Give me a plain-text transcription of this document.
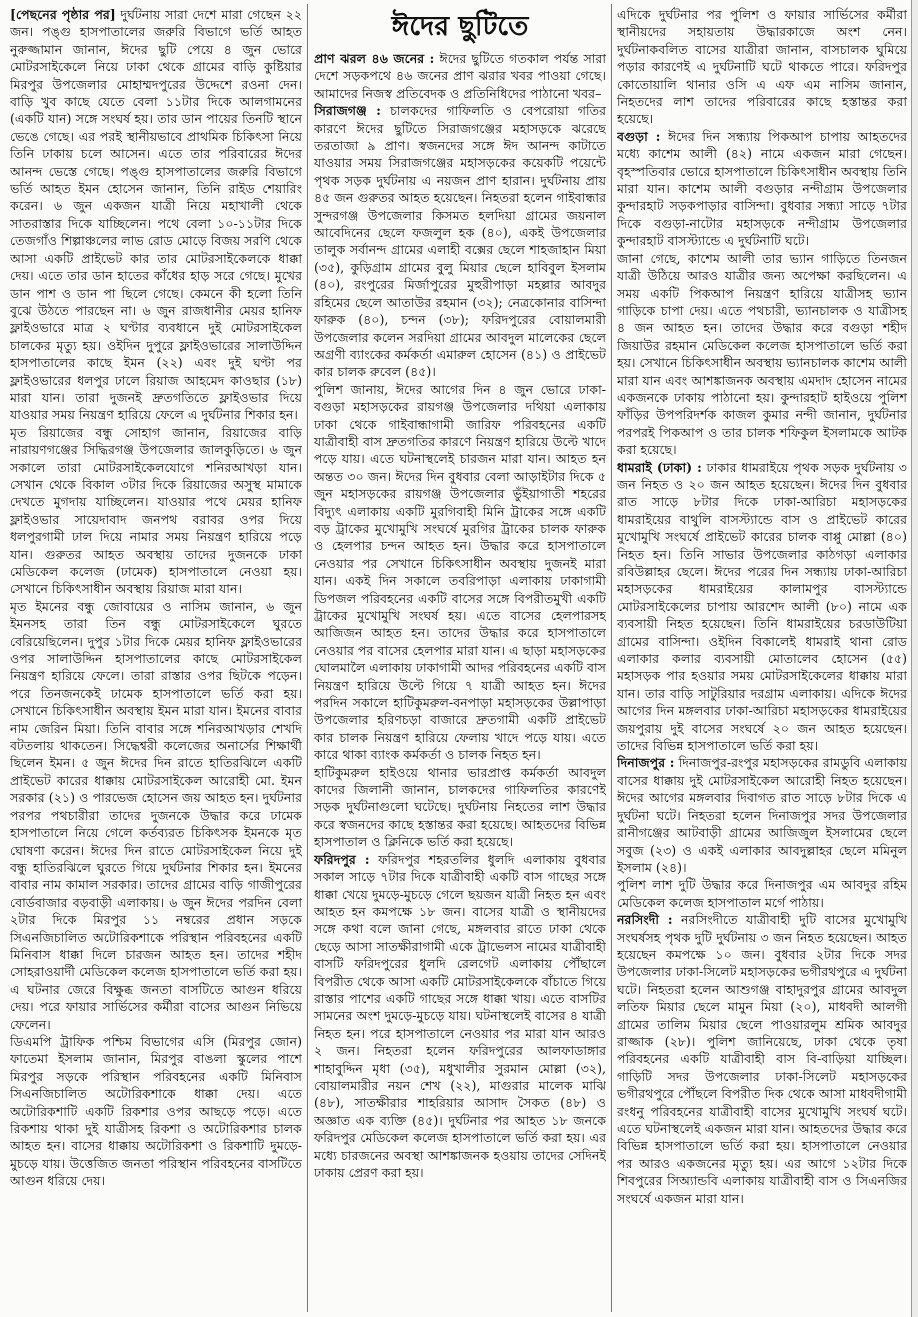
[পেছনের পৃষ্ঠার পর] দুর্ঘটনায় সারা দেশে মারা গেছেন ২২ জন। পঙ্গু হাসপাতালের জরুরি বিভাগে ভর্তি আহত নুরুজ্জামান জানান, ঈদের ছুটি পেয়ে ৪ জুন ভোরে মোটরসাইকেলে নিয়ে ঢাকা থেকে গ্রামের বাড়ি কুষ্টিয়ার মিরপুর উপজেলার মোহাম্মদপুরের উদ্দেশে রওনা দেন। বাড়ি খুব কাছে যেতে বেলা ১১টার দিকে আলগামনের (একটি যান) সঙ্গে সংঘর্ষ হয়। তার ডান পায়ের তিনটি স্থানে ভেঙে গেছে। এর পরই স্থানীয়ভাবে প্রাথমিক চিকিৎসা নিয়ে তিনি ঢাকায় চলে আসেন। এতে তার পরিবারের ঈদের আনন্দ ভেস্তে গেছে। পঙ্গু হাসপাতালের জরুরি বিভাগে ভর্তি আহত ইমন হোসেন জানান, তিনি রাইড শেয়ারিং করেন। ৬ জুন একজন যাত্রী নিয়ে মহাখালী থেকে সাতরাস্তার দিকে যাচ্ছিলেন। পথে বেলা ১০-১১টার দিকে তেজগাঁও শিল্পাঞ্চলের লাভ রোড মোড়ে বিজয় সরণি থেকে আসা একটি প্রাইভেট কার তার মোটরসাইকেলকে ধাক্কা দেয়। এতে তার ডান হাতের কাঁধের হাড় সরে গেছে। মুখের ডান পাশ ও ডান পা ছিলে গেছে। কেমনে কী হলো তিনি বুঝে উঠতে পারছেন না। ৬ জুন রাজধানীর মেয়র হানিফ ফ্লাইওভারে মাত্র ২ ঘণ্টার ব্যবধানে দুই মোটরসাইকেল চালকের মৃত্যু হয়। ওইদিন দুপুরে ফ্লাইওভারের সালাউদ্দিন হাসপাতালের কাছে ইমন (২২) এবং দুই ঘণ্টা পর ফ্লাইওভারের ধলপুর ঢালে রিয়াজ আহমেদ কাওছার (১৮) মারা যান। তারা দুজনই দ্রুতগতিতে ফ্লাইওভার দিয়ে যাওয়ার সময় নিয়ন্ত্রণ হারিয়ে ফেলে এ দুর্ঘটনার শিকার হন।

মৃত রিয়াজের বন্ধু সোহাগ জানান, রিয়াজের বাড়ি নারায়ণগঞ্জের সিদ্ধিরগঞ্জ উপজেলার জালকুড়িতে। ৬ জুন সকালে তারা মোটরসাইকেলযোগে শনিরআখড়া যান। সেখান থেকে বিকাল ৩টার দিকে রিয়াজের অসুস্থ মামাকে দেখতে মুগদায় যাচ্ছিলেন। যাওয়ার পথে মেয়র হানিফ ফ্লাইওভার সায়েদাবাদ জনপথ বরাবর ওপর দিয়ে ধলপুরগামী ঢাল দিয়ে নামার সময় নিয়ন্ত্রণ হারিয়ে পড়ে যান। গুরুতর আহত অবস্থায় তাদের দুজনকে ঢাকা মেডিকেল কলেজ (ঢামেক) হাসপাতালে নেওয়া হয়। সেখানে চিকিৎসাধীন অবস্থায় রিয়াজ মারা যান।

মৃত ইমনের বন্ধু জোবায়ের ও নাসিম জানান, ৬ জুন ইমনসহ তারা তিন বন্ধু মোটরসাইকেলে ঘুরতে বেরিয়েছিলেন। দুপুর ১টার দিকে মেয়র হানিফ ফ্লাইওভারের ওপর সালাউদ্দিন হাসপাতালের কাছে মোটরসাইকেল নিয়ন্ত্রণ হারিয়ে ফেলে। তারা রাস্তার ওপর ছিটকে পড়েন। পরে তিনজনকেই ঢামেক হাসপাতালে ভর্তি করা হয়। সেখানে চিকিৎসাধীন অবস্থায় ইমন মারা যান। ইমনের বাবার নাম জেরিন মিয়া। তিনি বাবার সঙ্গে শনিরআখড়ার শেখদি বটতলায় থাকতেন। সিদ্ধেশ্বরী কলেজের অনার্সের শিক্ষার্থী ছিলেন ইমন। ৫ জুন ঈদের দিন রাতে হাতিরঝিলে একটি প্রাইভেট কারের ধাক্কায় মোটরসাইকেল আরোহী মো. ইমন সরকার (২১) ও পারভেজ হোসেন জয় আহত হন। দুর্ঘটনার পরপর পথচারীরা তাদের দুজনকে উদ্ধার করে ঢামেক হাসপাতালে নিয়ে গেলে কর্তব্যরত চিকিৎসক ইমনকে মৃত ঘোষণা করেন। ঈদের দিন রাতে মোটরসাইকেল নিয়ে দুই বন্ধু হাতিরঝিলে ঘুরতে গিয়ে দুর্ঘটনার শিকার হন। ইমনের বাবার নাম কামাল সরকার। তাদের গ্রামের বাড়ি গাজীপুরের বোর্ডবাজার বড়বাড়ী এলাকায়। ৬ জুন ঈদের পরদিন বেলা ২টার দিকে মিরপুর ১১ নম্বরের প্রধান সড়কে সিএনজিচালিত অটোরিকশাকে পরিস্থান পরিবহনের একটি মিনিবাস ধাক্কা দিলে চারজন আহত হন। তাদের শহীদ সোহরাওয়ার্দী মেডিকেল কলেজ হাসপাতালে ভর্তি করা হয়। এ ঘটনার জেরে বিক্ষুব্ধ জনতা বাসটিতে আগুন ধরিয়ে দেয়। পরে ফায়ার সার্ভিসের কর্মীরা বাসের আগুন নিভিয়ে ফেলেন।

ডিএমপি ট্রাফিক পশ্চিম বিভাগের এসি (মিরপুর জোন) ফাতেমা ইসলাম জানান, মিরপুর বাঙলা স্কুলের পাশে মিরপুর সড়কে পরিস্থান পরিবহনের একটি মিনিবাস সিএনজিচালিত অটোরিকশাকে ধাক্কা দেয়। এতে অটোরিকশাটি একটি রিকশার ওপর আছড়ে পড়ে। এতে রিকশায় থাকা দুই যাত্রীসহ রিকশা ও অটোরিকশার চালক আহত হন। বাসের ধাক্কায় অটোরিকশা ও রিকশাটি দুমড়ে-মুচড়ে যায়। উত্তেজিত জনতা পরিস্থান পরিবহনের বাসটিতে আগুন ধরিয়ে দেয়।

ঈদের ছুটিতে

প্রাণ ঝরল ৪৬ জনের : ঈদের ছুটিতে গতকাল পর্যন্ত সারা দেশে সড়কপথে ৪৬ জনের প্রাণ ঝরার খবর পাওয়া গেছে। আমাদের নিজস্ব প্রতিবেদক ও প্রতিনিধিদের পাঠানো খবর–

সিরাজগঞ্জ : চালকদের গাফিলতি ও বেপরোয়া গতির কারণে ঈদের ছুটিতে সিরাজগঞ্জের মহাসড়কে ঝরেছে তরতাজা ৯ প্রাণ। স্বজনদের সঙ্গে ঈদ আনন্দ কাটাতে যাওয়ার সময় সিরাজগঞ্জের মহাসড়কের কয়েকটি পয়েন্টে পৃথক সড়ক দুর্ঘটনায় এ নয়জন প্রাণ হারান। দুর্ঘটনায় প্রায় ৪৫ জন গুরুতর আহত হয়েছেন। নিহতরা হলেন গাইবান্ধার সুন্দরগঞ্জ উপজেলার কিসমত হলদিয়া গ্রামের জয়নাল আবেদিনের ছেলে ফজলুল হক (৪০), একই উপজেলার তালুক সর্বানন্দ গ্রামের এলাহী বক্সের ছেলে শাহজাহান মিয়া (৩৫), কুড়িগ্রাম গ্রামের বুলু মিয়ার ছেলে হাবিবুল ইসলাম (৪০), রংপুরের মির্জাপুরের মুহুরীপাড়া মহল্লার আবদুর রহিমের ছেলে আতাউর রহমান (৩২); নেত্রকোনার বাসিন্দা ফারুক (৪০), চন্দন (৩৮); ফরিদপুরের বোয়ালমারী উপজেলার কলেন সরদিয়া গ্রামের আবদুল মালেকের ছেলে অগ্রণী ব্যাংকের কর্মকর্তা এমারুল হোসেন (৪১) ও প্রাইভেট কার চালক রুবেল (৪৫)।

পুলিশ জানায়, ঈদের আগের দিন ৪ জুন ভোরে ঢাকা-বগুড়া মহাসড়কের রায়গঞ্জ উপজেলার দথিয়া এলাকায় ঢাকা থেকে গাইবান্ধাগামী জারিফ পরিবহনের একটি যাত্রীবাহী বাস দ্রুতগতির কারণে নিয়ন্ত্রণ হারিয়ে উল্টে খাদে পড়ে যায়। এতে ঘটনাস্থলেই চারজন মারা যান। আহত হন অন্তত ৩০ জন। ঈদের দিন বুধবার বেলা আড়াইটার দিকে ৫ জুন মহাসড়কের রায়গঞ্জ উপজেলার ভুঁইয়াগাতী শহরের বিদ্যুৎ এলাকায় একটি মুরগিবাহী মিনি ট্রাকের সঙ্গে একটি বড় ট্রাকের মুখোমুখি সংঘর্ষে মুরগির ট্রাকের চালক ফারুক ও হেলপার চন্দন আহত হন। উদ্ধার করে হাসপাতালে নেওয়ার পর সেখানে চিকিৎসাধীন অবস্থায় দুজনই মারা যান। একই দিন সকালে তবরিপাড়া এলাকায় ঢাকাগামী ডিপজল পরিবহনের একটি বাসের সঙ্গে বিপরীতমুখী একটি ট্রাকের মুখোমুখি সংঘর্ষ হয়। এতে বাসের হেলপারসহ আজিজন আহত হন। তাদের উদ্ধার করে হাসপাতালে নেওয়ার পর বাসের হেলপার মারা যান। এ ছাড়া মহাসড়কের ঘোলমালৈ এলাকায় ঢাকাগামী আদর পরিবহনের একটি বাস নিয়ন্ত্রণ হারিয়ে উল্টে গিয়ে ৭ যাত্রী আহত হন। ঈদের পরদিন সকালে হাটিকুমরুল-বনপাড়া মহাসড়কের উল্লাপাড়া উপজেলার হরিণচড়া বাজারে দ্রুতগামী একটি প্রাইভেট কার চালক নিয়ন্ত্রণ হারিয়ে ফেলায় খাদে পড়ে যায়। এতে কারে থাকা ব্যাংক কর্মকর্তা ও চালক নিহত হন।

হাটিকুমরুল হাইওয়ে থানার ভারপ্রাপ্ত কর্মকর্তা আবদুল কাদের জিলানী জানান, চালকদের গাফিলতির কারণেই সড়ক দুর্ঘটনাগুলো ঘটেছে। দুর্ঘটনায় নিহতের লাশ উদ্ধার করে স্বজনদের কাছে হস্তান্তর করা হয়েছে। আহতদের বিভিন্ন হাসপাতাল ও ক্লিনিকে ভর্তি করা হয়েছে।

ফরিদপুর : ফরিদপুর শহরতলির ধুলদি এলাকায় বুধবার সকাল সাড়ে ৭টার দিকে যাত্রীবাহী একটি বাস গাছের সঙ্গে ধাক্কা খেয়ে দুমড়ে-মুচড়ে গেলে ছয়জন যাত্রী নিহত হন এবং আহত হন কমপক্ষে ১৮ জন। বাসের যাত্রী ও স্থানীয়দের সঙ্গে কথা বলে জানা গেছে, মঙ্গলবার রাতে ঢাকা থেকে ছেড়ে আসা সাতক্ষীরাগামী একে ট্রাভেলস নামের যাত্রীবাহী বাসটি ফরিদপুরের ধুলদি রেলগেট এলাকায় পৌঁছালে বিপরীত থেকে আসা একটি মোটরসাইকেলকে বাঁচাতে গিয়ে রাস্তার পাশের একটি গাছের সঙ্গে ধাক্কা খায়। এতে বাসটির সামনের অংশ দুমড়ে-মুচড়ে যায়। ঘটনাস্থলেই বাসের ৪ যাত্রী নিহত হন। পরে হাসপাতালে নেওয়ার পর মারা যান আরও ২ জন। নিহতরা হলেন ফরিদপুরের আলফাডাঙ্গার শাহাবুদ্দিন মৃধা (৩৫), মধুখালীর সুরমান মোল্লা (৩২), বোয়ালমারীর নয়ন শেখ (২২), মাগুরার মালেক মাঝি (৪৮), সাতক্ষীরার শাহরিয়ার আসাদ সৈকত (৪৮) ও অজ্ঞাত এক ব্যক্তি (৪৫)। দুর্ঘটনার পর আহত ১৮ জনকে ফরিদপুর মেডিকেল কলেজ হাসপাতালে ভর্তি করা হয়। এর মধ্যে চারজনের অবস্থা আশঙ্কাজনক হওয়ায় তাদের সেদিনই ঢাকায় প্রেরণ করা হয়।

এদিকে দুর্ঘটনার পর পুলিশ ও ফায়ার সার্ভিসের কর্মীরা স্থানীয়দের সহায়তায় উদ্ধারকাজে অংশ নেন। দুর্ঘটনাকবলিত বাসের যাত্রীরা জানান, বাসচালক ঘুমিয়ে পড়ার কারণেই এ দুর্ঘটনাটি ঘটে থাকতে পারে। ফরিদপুর কোতোয়ালি থানার ওসি এ এফ এম নাসিম জানান, নিহতদের লাশ তাদের পরিবারের কাছে হস্তান্তর করা হয়েছে।

বগুড়া : ঈদের দিন সন্ধ্যায় পিকআপ চাপায় আহতদের মধ্যে কাশেম আলী (৪২) নামে একজন মারা গেছেন। বৃহস্পতিবার ভোরে হাসপাতালে চিকিৎসাধীন অবস্থায় তিনি মারা যান। কাশেম আলী বগুড়ার নন্দীগ্রাম উপজেলার কুন্দারহাট সড়কপাড়ার বাসিন্দা। বুধবার সন্ধ্যা সাড়ে ৭টার দিকে বগুড়া-নাটোর মহাসড়কে নন্দীগ্রাম উপজেলার কুন্দারহাট বাসস্ট্যান্ডে এ দুর্ঘটনাটি ঘটে।

জানা গেছে, কাশেম আলী তার ভ্যান গাড়িতে তিনজন যাত্রী উঠিয়ে আরও যাত্রীর জন্য অপেক্ষা করছিলেন। এ সময় একটি পিকআপ নিয়ন্ত্রণ হারিয়ে যাত্রীসহ ভ্যান গাড়িকে চাপা দেয়। এতে পথচারী, ভ্যানচালক ও যাত্রীসহ ৪ জন আহত হন। তাদের উদ্ধার করে বগুড়া শহীদ জিয়াউর রহমান মেডিকেল কলেজ হাসপাতালে ভর্তি করা হয়। সেখানে চিকিৎসাধীন অবস্থায় ভ্যানচালক কাশেম আলী মারা যান এবং আশঙ্কাজনক অবস্থায় এমদাদ হোসেন নামের একজনকে ঢাকায় পাঠানো হয়। কুন্দারহাট হাইওয়ে পুলিশ ফাঁড়ির উপপরিদর্শক কাজল কুমার নন্দী জানান, দুর্ঘটনার পরপরই পিকআপ ও তার চালক শফিকুল ইসলামকে আটক করা হয়েছে।

ধামরাই (ঢাকা) : ঢাকার ধামরাইয়ে পৃথক সড়ক দুর্ঘটনায় ৩ জন নিহত ও ২০ জন আহত হয়েছেন। ঈদের দিন বুধবার রাত সাড়ে ৮টার দিকে ঢাকা-আরিচা মহাসড়কের ধামরাইয়ের বাথুলি বাসস্ট্যান্ডে বাস ও প্রাইভেট কারের মুখোমুখি সংঘর্ষে প্রাইভেট কারের চালক বাপ্পু মোল্লা (৪০) নিহত হন। তিনি সাভার উপজেলার কাঠগড়া এলাকার রবিউল্লাহর ছেলে। ঈদের পরের দিন সন্ধ্যায় ঢাকা-আরিচা মহাসড়কের ধামরাইয়ের কালামপুর বাসস্ট্যান্ডে মোটরসাইকেলের চাপায় আরশেদ আলী (৮০) নামে এক ব্যবসায়ী নিহত হয়েছেন। তিনি ধামরাইয়ের চরডাউটিয়া গ্রামের বাসিন্দা। ওইদিন বিকালেই ধামরাই থানা রোড এলাকার কলার ব্যবসায়ী মোতালেব হোসেন (৫৫) মহাসড়ক পার হওয়ার সময় মোটরসাইকেলের ধাক্কায় মারা যান। তার বাড়ি সাটুরিয়ার দরগ্রাম এলাকায়। এদিকে ঈদের আগের দিন মঙ্গলবার ঢাকা-আরিচা মহাসড়কের ধামরাইয়ের জয়পুরায় দুই বাসের সংঘর্ষে ২০ জন আহত হয়েছেন। তাদের বিভিন্ন হাসপাতালে ভর্তি করা হয়।

দিনাজপুর : দিনাজপুর-রংপুর মহাসড়কের রামডুবি এলাকায় বাসের ধাক্কায় দুই মোটরসাইকেল আরোহী নিহত হয়েছেন। ঈদের আগের মঙ্গলবার দিবাগত রাত সাড়ে ৮টার দিকে এ দুর্ঘটনা ঘটে। নিহতরা হলেন দিনাজপুর সদর উপজেলার রানীগঞ্জের আটবাড়ী গ্রামের আজিজুল ইসলামের ছেলে সবুজ (২৩) ও একই এলাকার আবদুল্লাহর ছেলে মমিনুল ইসলাম (২৪)।

পুলিশ লাশ দুটি উদ্ধার করে দিনাজপুর এম আবদুর রহিম মেডিকেল কলেজ হাসপাতাল মর্গে পাঠায়।

নরসিংদী : নরসিংদীতে যাত্রীবাহী দুটি বাসের মুখোমুখি সংঘর্ষসহ পৃথক দুটি দুর্ঘটনায় ৩ জন নিহত হয়েছেন। আহত হয়েছেন কমপক্ষে ১০ জন। বুধবার ২টার দিকে সদর উপজেলার ঢাকা-সিলেট মহাসড়কের ভগীরথপুরে এ দুর্ঘটনা ঘটে। নিহতরা হলেন আশুগঞ্জ বাহাদুরপুর গ্রামের আবদুল লতিফ মিয়ার ছেলে মামুন মিয়া (২০), মাধবদী আলগী গ্রামের তালিম মিয়ার ছেলে পাওয়ারলুম শ্রমিক আবদুর রাজ্জাক (২৮)। পুলিশ জানিয়েছে, ঢাকা থেকে তৃষা পরিবহনের একটি যাত্রীবাহী বাস বি-বাড়িয়া যাচ্ছিল। গাড়িটি সদর উপজেলার ঢাকা-সিলেট মহাসড়কের ভগীরথপুরে পৌঁছলে বিপরীত দিক থেকে আসা মাধবদীগামী রংধনু পরিবহনের যাত্রীবাহী বাসের মুখোমুখি সংঘর্ষ ঘটে। এতে ঘটনাস্থলেই একজন মারা যান। আহতদের উদ্ধার করে বিভিন্ন হাসপাতালে ভর্তি করা হয়। হাসপাতালে নেওয়ার পর আরও একজনের মৃত্যু হয়। এর আগে ১২টার দিকে শিবপুরের সিঅ্যান্ডবি এলাকায় যাত্রীবাহী বাস ও সিএনজির সংঘর্ষে একজন মারা যান।
